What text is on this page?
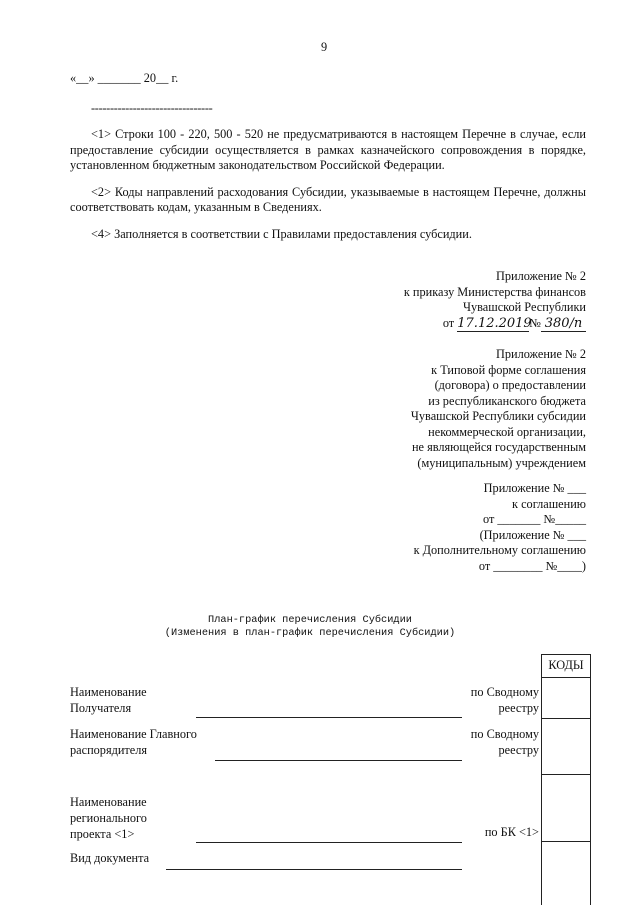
9
«__» _______ 20__ г.
--------------------------------

<1> Строки 100 - 220, 500 - 520 не предусматриваются в настоящем Перечне в случае, если предоставление субсидии осуществляется в рамках казначейского сопровождения в порядке, установленном бюджетным законодательством Российской Федерации.

<2> Коды направлений расходования Субсидии, указываемые в настоящем Перечне, должны соответствовать кодам, указанным в Сведениях.

<4> Заполняется в соответствии с Правилами предоставления субсидии.

Приложение № 2
к приказу Министерства финансов
Чувашской Республики
от 17.12.2019№ 380/п
Приложение № 2
к Типовой форме соглашения
(договора) о предоставлении
из республиканского бюджета
Чувашской Республики субсидии
некоммерческой организации,
не являющейся государственным
(муниципальным) учреждением
Приложение № ___
к соглашению
от _______ №_____
(Приложение № ___
к Дополнительному соглашению
от ________ №____)
План-график перечисления Субсидии
(Изменения в план-график перечисления Субсидии)
КОДЫ
Наименование
Получателя
по Сводному
реестру
Наименование Главного
распорядителя
по Сводному
реестру
Наименование
регионального
проекта <1>	по БК <1>
Вид документа
